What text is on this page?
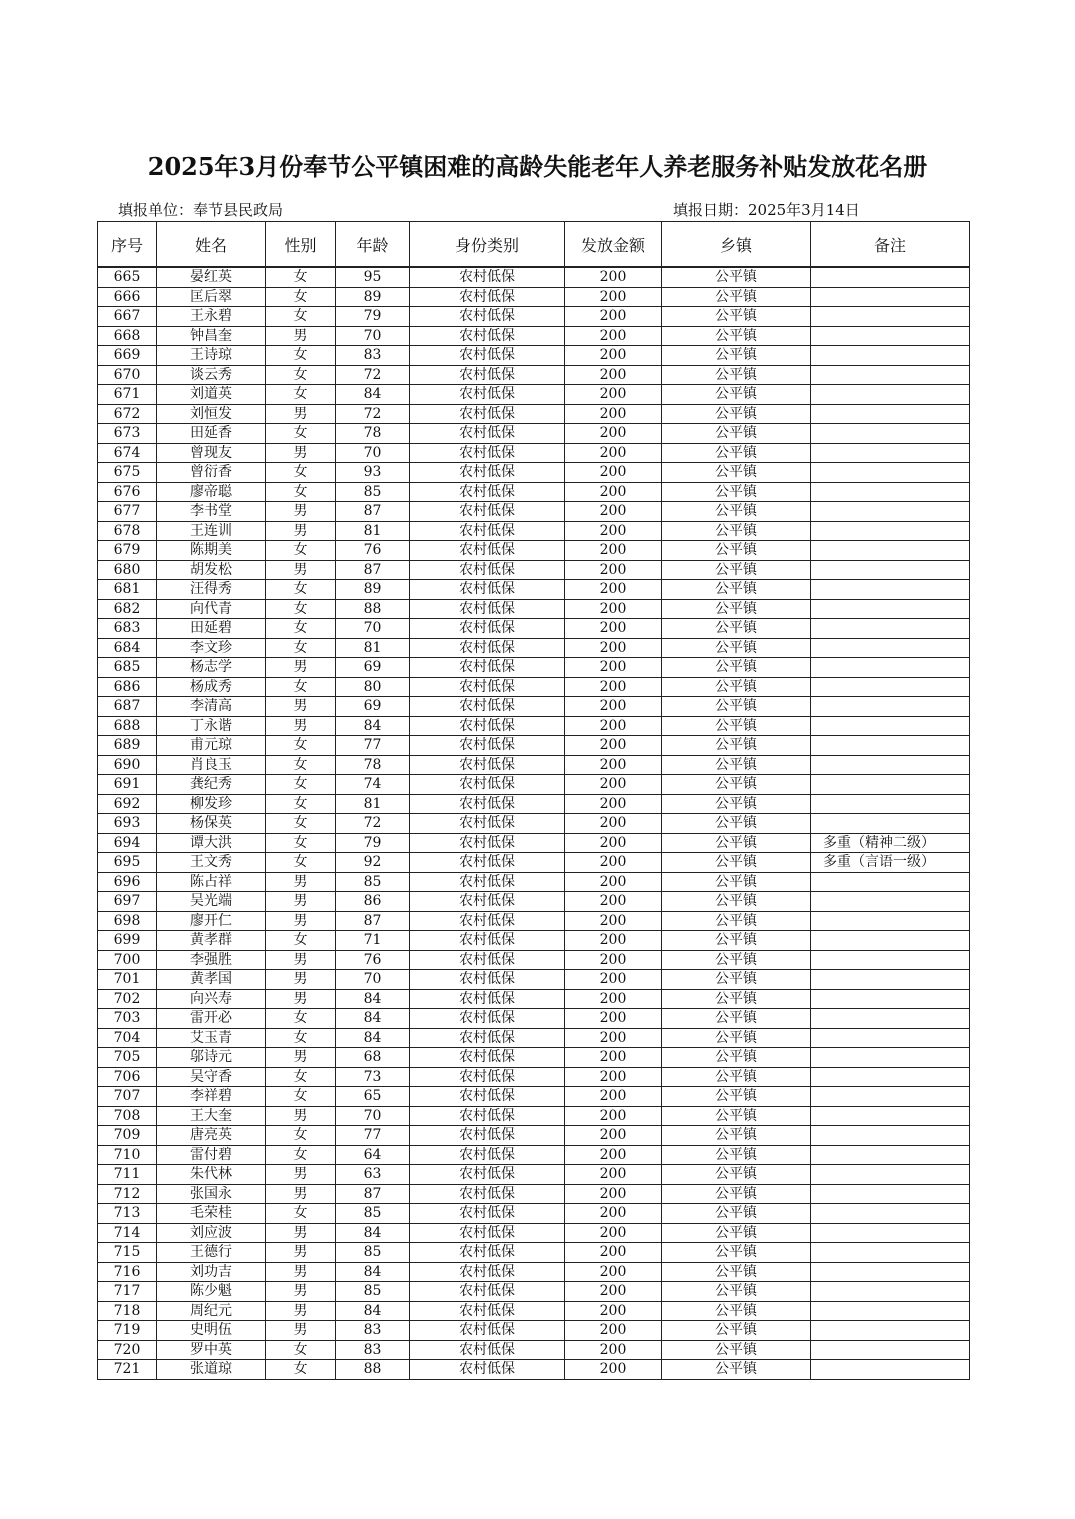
2025年3月份奉节公平镇困难的高龄失能老年人养老服务补贴发放花名册
填报单位：奉节县民政局	填报日期：2025年3月14日
序号	姓名	性别	年龄	身份类别	发放金额	乡镇	备注
665	晏红英	女	95	农村低保	200	公平镇	
666	匡后翠	女	89	农村低保	200	公平镇	
667	王永碧	女	79	农村低保	200	公平镇	
668	钟昌奎	男	70	农村低保	200	公平镇	
669	王诗琼	女	83	农村低保	200	公平镇	
670	谈云秀	女	72	农村低保	200	公平镇	
671	刘道英	女	84	农村低保	200	公平镇	
672	刘恒发	男	72	农村低保	200	公平镇	
673	田延香	女	78	农村低保	200	公平镇	
674	曾现友	男	70	农村低保	200	公平镇	
675	曾衍香	女	93	农村低保	200	公平镇	
676	廖帝聪	女	85	农村低保	200	公平镇	
677	李书堂	男	87	农村低保	200	公平镇	
678	王连训	男	81	农村低保	200	公平镇	
679	陈期美	女	76	农村低保	200	公平镇	
680	胡发松	男	87	农村低保	200	公平镇	
681	汪得秀	女	89	农村低保	200	公平镇	
682	向代青	女	88	农村低保	200	公平镇	
683	田延碧	女	70	农村低保	200	公平镇	
684	李文珍	女	81	农村低保	200	公平镇	
685	杨志学	男	69	农村低保	200	公平镇	
686	杨成秀	女	80	农村低保	200	公平镇	
687	李清高	男	69	农村低保	200	公平镇	
688	丁永谐	男	84	农村低保	200	公平镇	
689	甫元琼	女	77	农村低保	200	公平镇	
690	肖良玉	女	78	农村低保	200	公平镇	
691	龚纪秀	女	74	农村低保	200	公平镇	
692	柳发珍	女	81	农村低保	200	公平镇	
693	杨保英	女	72	农村低保	200	公平镇	
694	谭大洪	女	79	农村低保	200	公平镇	多重（精神二级）
695	王文秀	女	92	农村低保	200	公平镇	多重（言语一级）
696	陈占祥	男	85	农村低保	200	公平镇	
697	吴光端	男	86	农村低保	200	公平镇	
698	廖开仁	男	87	农村低保	200	公平镇	
699	黄孝群	女	71	农村低保	200	公平镇	
700	李强胜	男	76	农村低保	200	公平镇	
701	黄孝国	男	70	农村低保	200	公平镇	
702	向兴寿	男	84	农村低保	200	公平镇	
703	雷开必	女	84	农村低保	200	公平镇	
704	艾玉青	女	84	农村低保	200	公平镇	
705	邬诗元	男	68	农村低保	200	公平镇	
706	吴守香	女	73	农村低保	200	公平镇	
707	李祥碧	女	65	农村低保	200	公平镇	
708	王大奎	男	70	农村低保	200	公平镇	
709	唐亮英	女	77	农村低保	200	公平镇	
710	雷付碧	女	64	农村低保	200	公平镇	
711	朱代林	男	63	农村低保	200	公平镇	
712	张国永	男	87	农村低保	200	公平镇	
713	毛荣桂	女	85	农村低保	200	公平镇	
714	刘应波	男	84	农村低保	200	公平镇	
715	王德行	男	85	农村低保	200	公平镇	
716	刘功吉	男	84	农村低保	200	公平镇	
717	陈少魁	男	85	农村低保	200	公平镇	
718	周纪元	男	84	农村低保	200	公平镇	
719	史明伍	男	83	农村低保	200	公平镇	
720	罗中英	女	83	农村低保	200	公平镇	
721	张道琼	女	88	农村低保	200	公平镇	
